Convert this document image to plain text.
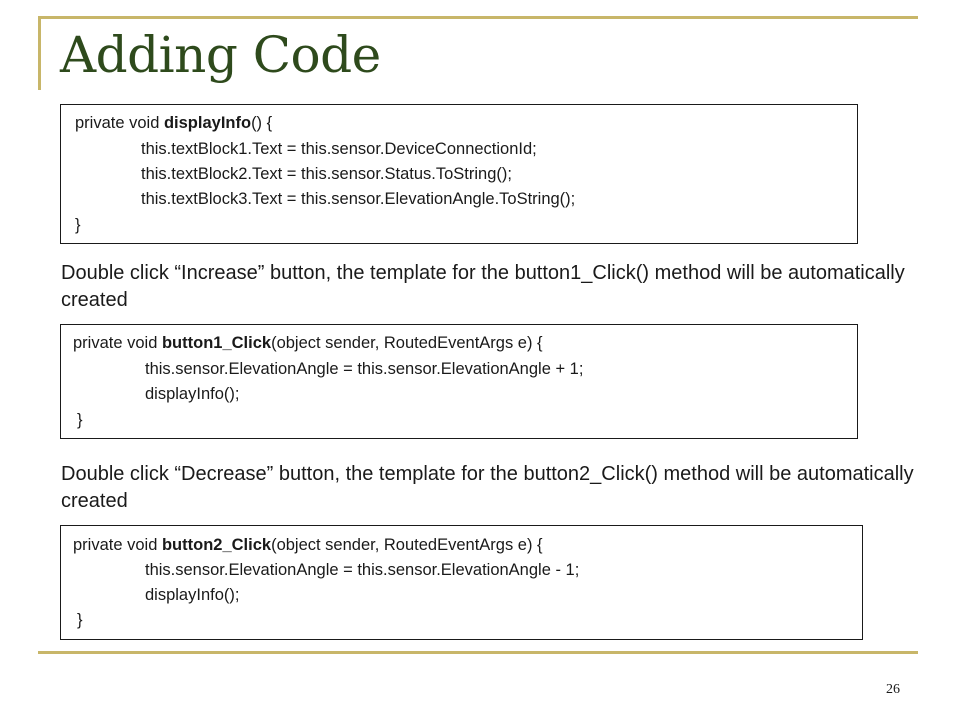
Adding Code
private void displayInfo() {
this.textBlock1.Text = this.sensor.DeviceConnectionId;
this.textBlock2.Text = this.sensor.Status.ToString();
this.textBlock3.Text = this.sensor.ElevationAngle.ToString();
}
Double click “Increase” button, the template for the button1_Click() method will be automatically created
private void button1_Click(object sender, RoutedEventArgs e) {
this.sensor.ElevationAngle = this.sensor.ElevationAngle + 1;
displayInfo();
}
Double click “Decrease” button, the template for the button2_Click() method will be automatically created
private void button2_Click(object sender, RoutedEventArgs e) {
this.sensor.ElevationAngle = this.sensor.ElevationAngle - 1;
displayInfo();
}
26
